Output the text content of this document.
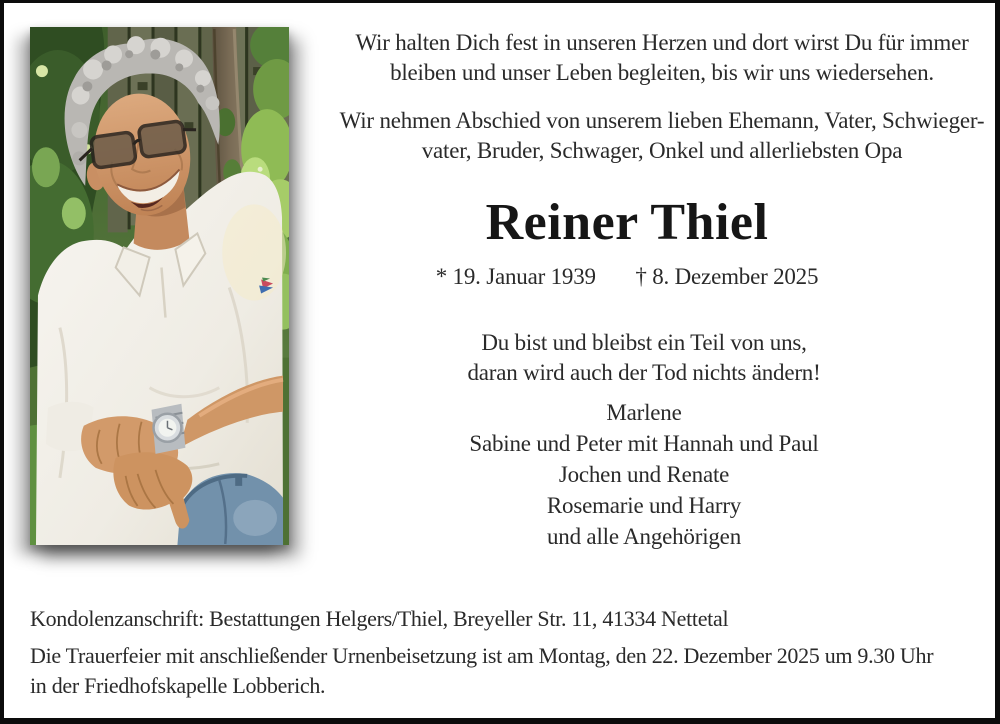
Wir halten Dich fest in unseren Herzen und dort wirst Du für immer
bleiben und unser Leben begleiten, bis wir uns wiedersehen.

Wir nehmen Abschied von unserem lieben Ehemann, Vater, Schwieger-
vater, Bruder, Schwager, Onkel und allerliebsten Opa

Reiner Thiel

* 19. Januar 1939 † 8. Dezember 2025

Du bist und bleibst ein Teil von uns,
daran wird auch der Tod nichts ändern!

Marlene
Sabine und Peter mit Hannah und Paul
Jochen und Renate
Rosemarie und Harry
und alle Angehörigen
Kondolenzanschrift: Bestattungen Helgers/Thiel, Breyeller Str. 11, 41334 Nettetal
Die Trauerfeier mit anschließender Urnenbeisetzung ist am Montag, den 22. Dezember 2025 um 9.30 Uhr
in der Friedhofskapelle Lobberich.
